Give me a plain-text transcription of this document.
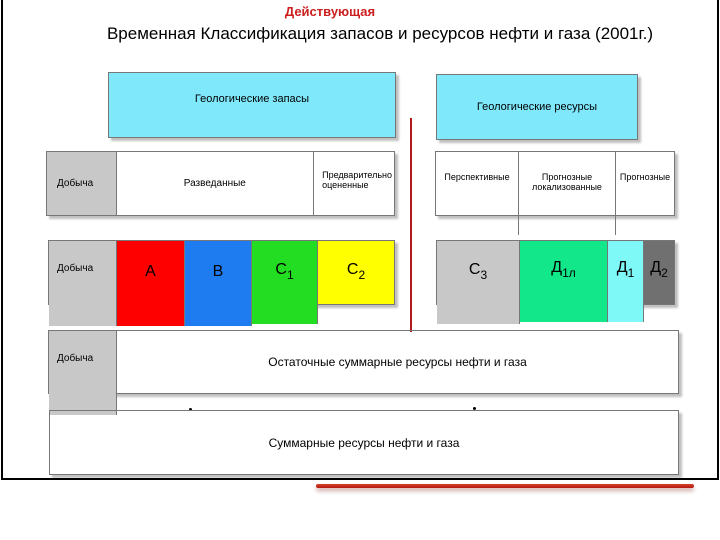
Действующая
Временная Классификация запасов и ресурсов нефти и газа (2001г.)
Геологические запасы
Геологические ресурсы
Добыча	Разведанные
Предварительно оцененные
Перспективные	Прогнозные локализованные
Прогнозные
Добыча	А	В	$С_1$	$С_2$	$С_3$	$Д_{1л}$	$Д_1$ $Д_2$
Добыча	Остаточные суммарные ресурсы нефти и газа
Суммарные ресурсы нефти и газа
